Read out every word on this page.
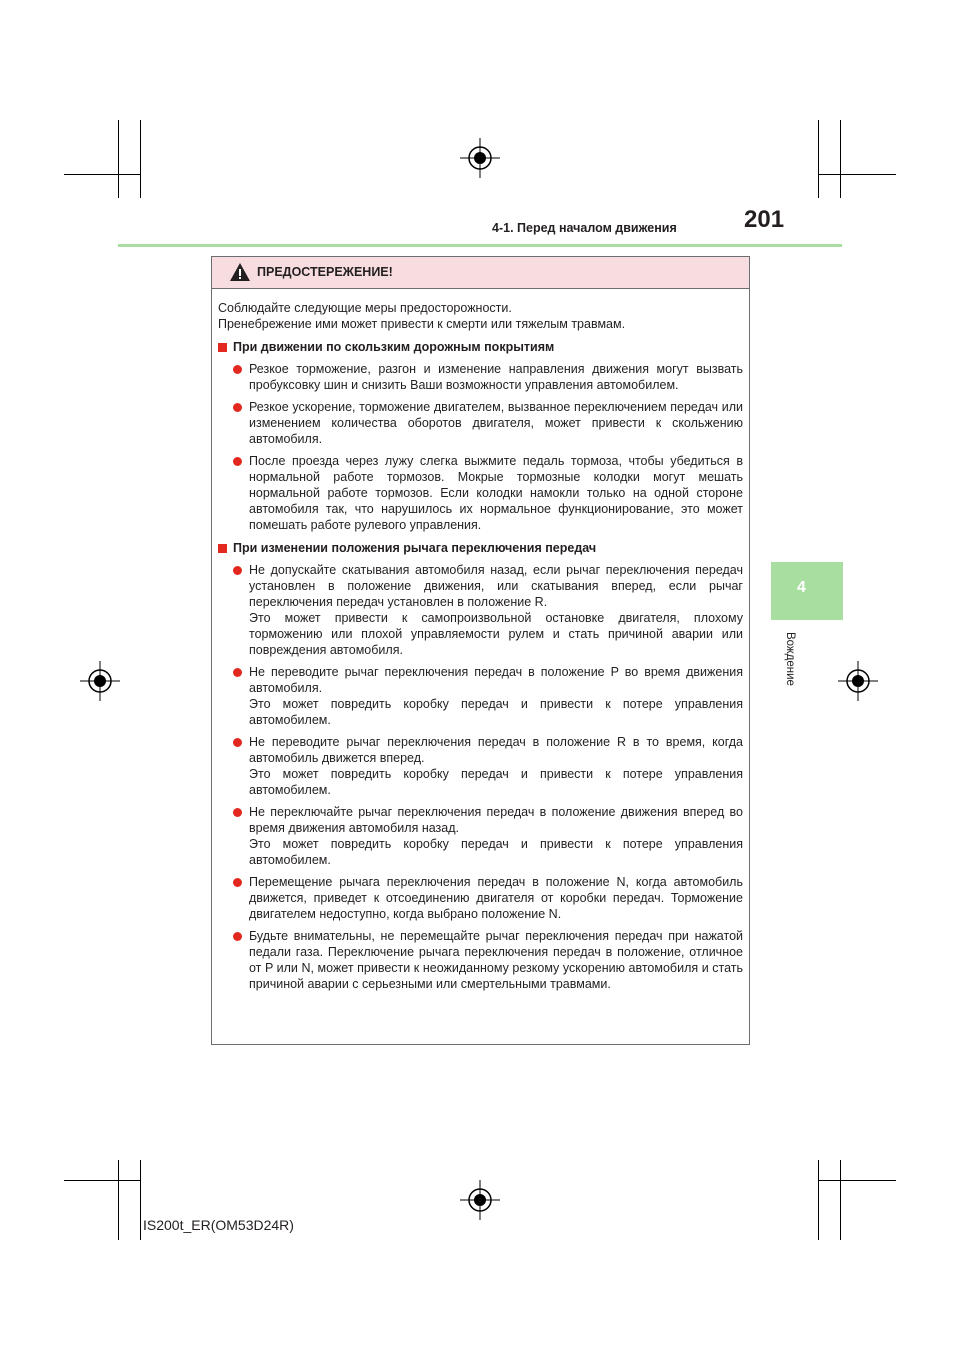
4-1. Перед началом движения	201
4
Вождение
ПРЕДОСТЕРЕЖЕНИЕ!

Соблюдайте следующие меры предосторожности.

Пренебрежение ими может привести к смерти или тяжелым травмам.

При движении по скользким дорожным покрытиям

Резкое торможение, разгон и изменение направления движения могут вызвать пробуксовку шин и снизить Ваши возможности управления автомобилем.

Резкое ускорение, торможение двигателем, вызванное переключением передач или изменением количества оборотов двигателя, может привести к скольжению автомобиля.

После проезда через лужу слегка выжмите педаль тормоза, чтобы убедиться в нормальной работе тормозов. Мокрые тормозные колодки могут мешать нормальной работе тормозов. Если колодки намокли только на одной стороне автомобиля так, что нарушилось их нормальное функционирование, это может помешать работе рулевого управления.

При изменении положения рычага переключения передач

Не допускайте скатывания автомобиля назад, если рычаг переключения передач установлен в положение движения, или скатывания вперед, если рычаг переключения передач установлен в положение R.

Это может привести к самопроизвольной остановке двигателя, плохому торможению или плохой управляемости рулем и стать причиной аварии или повреждения автомобиля.

Не переводите рычаг переключения передач в положение P во время движения автомобиля.

Это может повредить коробку передач и привести к потере управления автомобилем.

Не переводите рычаг переключения передач в положение R в то время, когда автомобиль движется вперед.

Это может повредить коробку передач и привести к потере управления автомобилем.

Не переключайте рычаг переключения передач в положение движения вперед во время движения автомобиля назад.

Это может повредить коробку передач и привести к потере управления автомобилем.

Перемещение рычага переключения передач в положение N, когда автомобиль движется, приведет к отсоединению двигателя от коробки передач. Торможение двигателем недоступно, когда выбрано положение N.

Будьте внимательны, не перемещайте рычаг переключения передач при нажатой педали газа. Переключение рычага переключения передач в положение, отличное от P или N, может привести к неожиданному резкому ускорению автомобиля и стать причиной аварии с серьезными или смертельными травмами.

IS200t_ER(OM53D24R)
